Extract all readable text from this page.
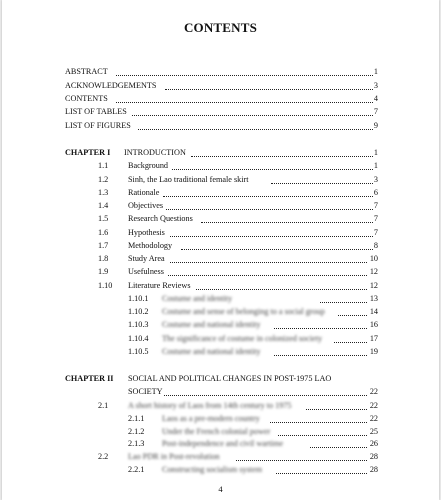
CONTENTS
ABSTRACT	1
ACKNOWLEDGEMENTS	3
CONTENTS	4
LIST OF TABLES	7
LIST OF FIGURES	9
CHAPTER I INTRODUCTION	1
1.1 Background	1
1.2 Sinh, the Lao traditional female skirt	3
1.3 Rationale	6
1.4 Objectives	7
1.5 Research Questions	7
1.6 Hypothesis	7
1.7 Methodology	8
1.8 Study Area	10
1.9 Usefulness	12
1.10 Literature Reviews	12
1.10.1 Costume and identity	13
1.10.2 Costume and sense of belonging to a social group	14
1.10.3 Costume and national identity	16
1.10.4 The significance of costume in colonized society	17
1.10.5 Costume and national identity	19
CHAPTER II SOCIAL AND POLITICAL CHANGES IN POST-1975 LAO
SOCIETY	22
2.1 A short history of Laos from 14th century to 1975	22
2.1.1 Laos as a pre-modern country	22
2.1.2 Under the French colonial power	25
2.1.3 Post-independence and civil wartime	26
2.2 Lao PDR in Post-revolution	28
2.2.1 Constructing socialism system	28
4
